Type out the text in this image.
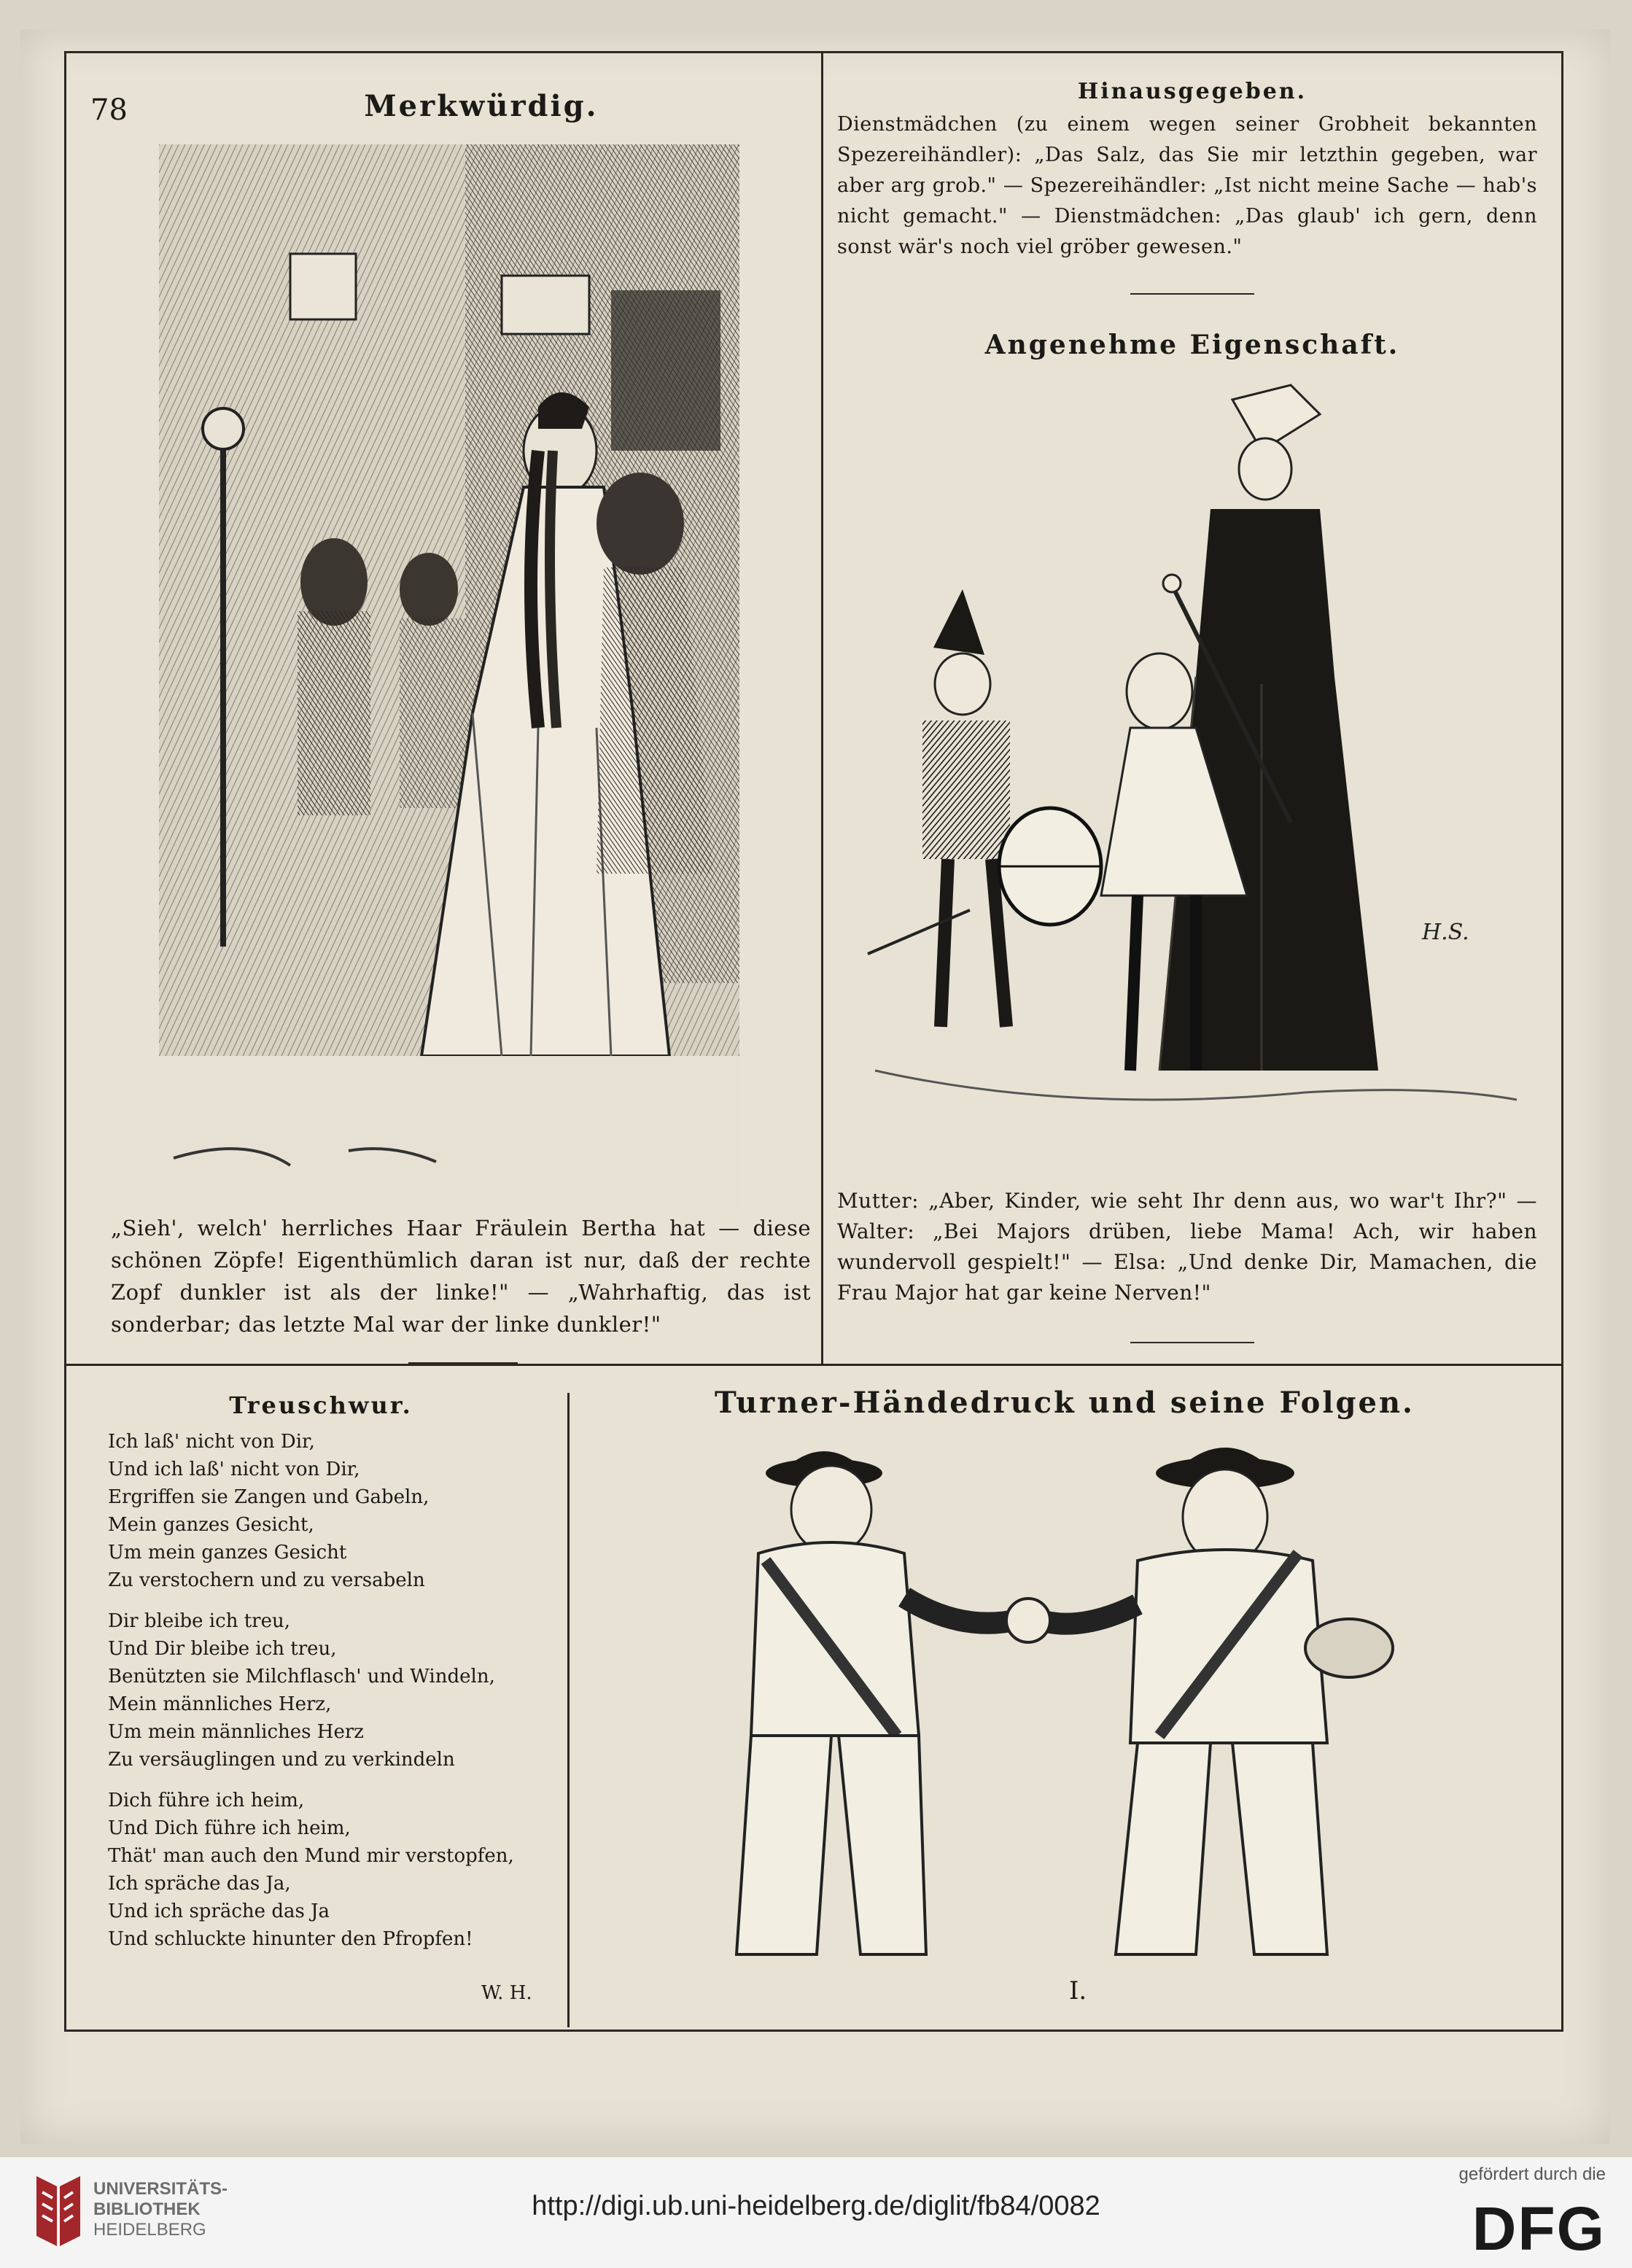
78	Merkwürdig.
„Sieh', welch' herrliches Haar Fräulein Bertha hat — diese schönen Zöpfe! Eigenthümlich daran ist nur, daß der rechte Zopf dunkler ist als der linke!" — „Wahrhaftig, das ist sonderbar; das letzte Mal war der linke dunkler!"
Hinausgegeben.
Dienstmädchen (zu einem wegen seiner Grobheit bekannten Spezereihändler): „Das Salz, das Sie mir letzthin gegeben, war aber arg grob." — Spezereihändler: „Ist nicht meine Sache — hab's nicht gemacht." — Dienstmädchen: „Das glaub' ich gern, denn sonst wär's noch viel gröber gewesen."
Angenehme Eigenschaft.
H.S.
Mutter: „Aber, Kinder, wie seht Ihr denn aus, wo war't Ihr?" — Walter: „Bei Majors drüben, liebe Mama! Ach, wir haben wundervoll gespielt!" — Elsa: „Und denke Dir, Mamachen, die Frau Major hat gar keine Nerven!"
Treuschwur.
Ich laß' nicht von Dir,
Und ich laß' nicht von Dir,
Ergriffen sie Zangen und Gabeln,
Mein ganzes Gesicht,
Um mein ganzes Gesicht
Zu verstochern und zu versabeln
Dir bleibe ich treu,
Und Dir bleibe ich treu,
Benützten sie Milchflasch' und Windeln,
Mein männliches Herz,
Um mein männliches Herz
Zu versäuglingen und zu verkindeln
Dich führe ich heim,
Und Dich führe ich heim,
Thät' man auch den Mund mir verstopfen,
Ich spräche das Ja,
Und ich spräche das Ja
Und schluckte hinunter den Pfropfen!
W. H.
Turner-Händedruck und seine Folgen.
I.
UNIVERSITÄTS-
BIBLIOTHEK
HEIDELBERG
http://digi.ub.uni-heidelberg.de/diglit/fb84/0082
gefördert durch die
DFG
